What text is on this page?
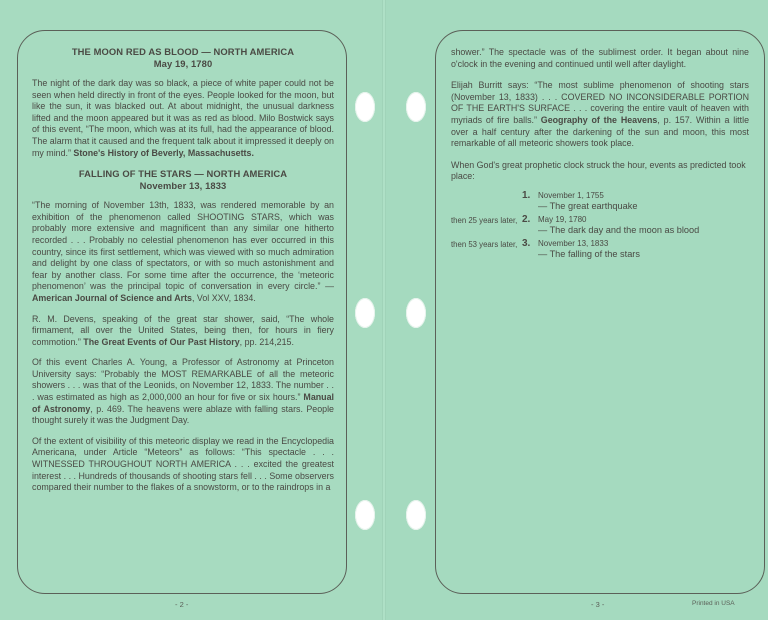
THE MOON RED AS BLOOD — NORTH AMERICA
May 19, 1780

The night of the dark day was so black, a piece of white paper could not be seen when held directly in front of the eyes. People looked for the moon, but like the sun, it was blacked out. At about midnight, the unusual darkness lifted and the moon appeared but it was as red as blood. Milo Bostwick says of this event, “The moon, which was at its full, had the appearance of blood. The alarm that it caused and the frequent talk about it impressed it deeply on my mind.” Stone's History of Beverly, Massachusetts.

FALLING OF THE STARS — NORTH AMERICA
November 13, 1833

“The morning of November 13th, 1833, was rendered memorable by an exhibition of the phenomenon called SHOOTING STARS, which was probably more extensive and magnificent than any similar one hitherto recorded . . . Probably no celestial phenomenon has ever occurred in this country, since its first settlement, which was viewed with so much admiration and delight by one class of spectators, or with so much astonishment and fear by another class. For some time after the occurrence, the ‘meteoric phenomenon’ was the principal topic of conversation in every circle.” — American Journal of Science and Arts, Vol XXV, 1834.

R. M. Devens, speaking of the great star shower, said, “The whole firmament, all over the United States, being then, for hours in fiery commotion.” The Great Events of Our Past History, pp. 214,215.

Of this event Charles A. Young, a Professor of Astronomy at Princeton University says: “Probably the MOST REMARKABLE of all the meteoric showers . . . was that of the Leonids, on November 12, 1833. The number . . . was estimated as high as 2,000,000 an hour for five or six hours.” Manual of Astronomy, p. 469. The heavens were ablaze with falling stars. People thought surely it was the Judgment Day.

Of the extent of visibility of this meteoric display we read in the Encyclopedia Americana, under Article “Meteors” as follows: “This spectacle . . . WITNESSED THROUGHOUT NORTH AMERICA . . . excited the greatest interest . . . Hundreds of thousands of shooting stars fell . . . Some observers compared their number to the flakes of a snowstorm, or to the raindrops in a

shower.” The spectacle was of the sublimest order. It began about nine o'clock in the evening and continued until well after daylight.

Elijah Burritt says: “The most sublime phenomenon of shooting stars (November 13, 1833) . . . COVERED NO INCONSIDERABLE PORTION OF THE EARTH'S SURFACE . . . covering the entire vault of heaven with myriads of fire balls.” Geography of the Heavens, p. 157. Within a little over a half century after the darkening of the sun and moon, this most remarkable of all meteoric showers took place.

When God's great prophetic clock struck the hour, events as predicted took place:

1. November 1, 1755
— The great earthquake
then 25 years later, 2. May 19, 1780
— The dark day and the moon as blood
then 53 years later, 3. November 13, 1833
— The falling of the stars
- 2 -	- 3 -	Printed in USA
